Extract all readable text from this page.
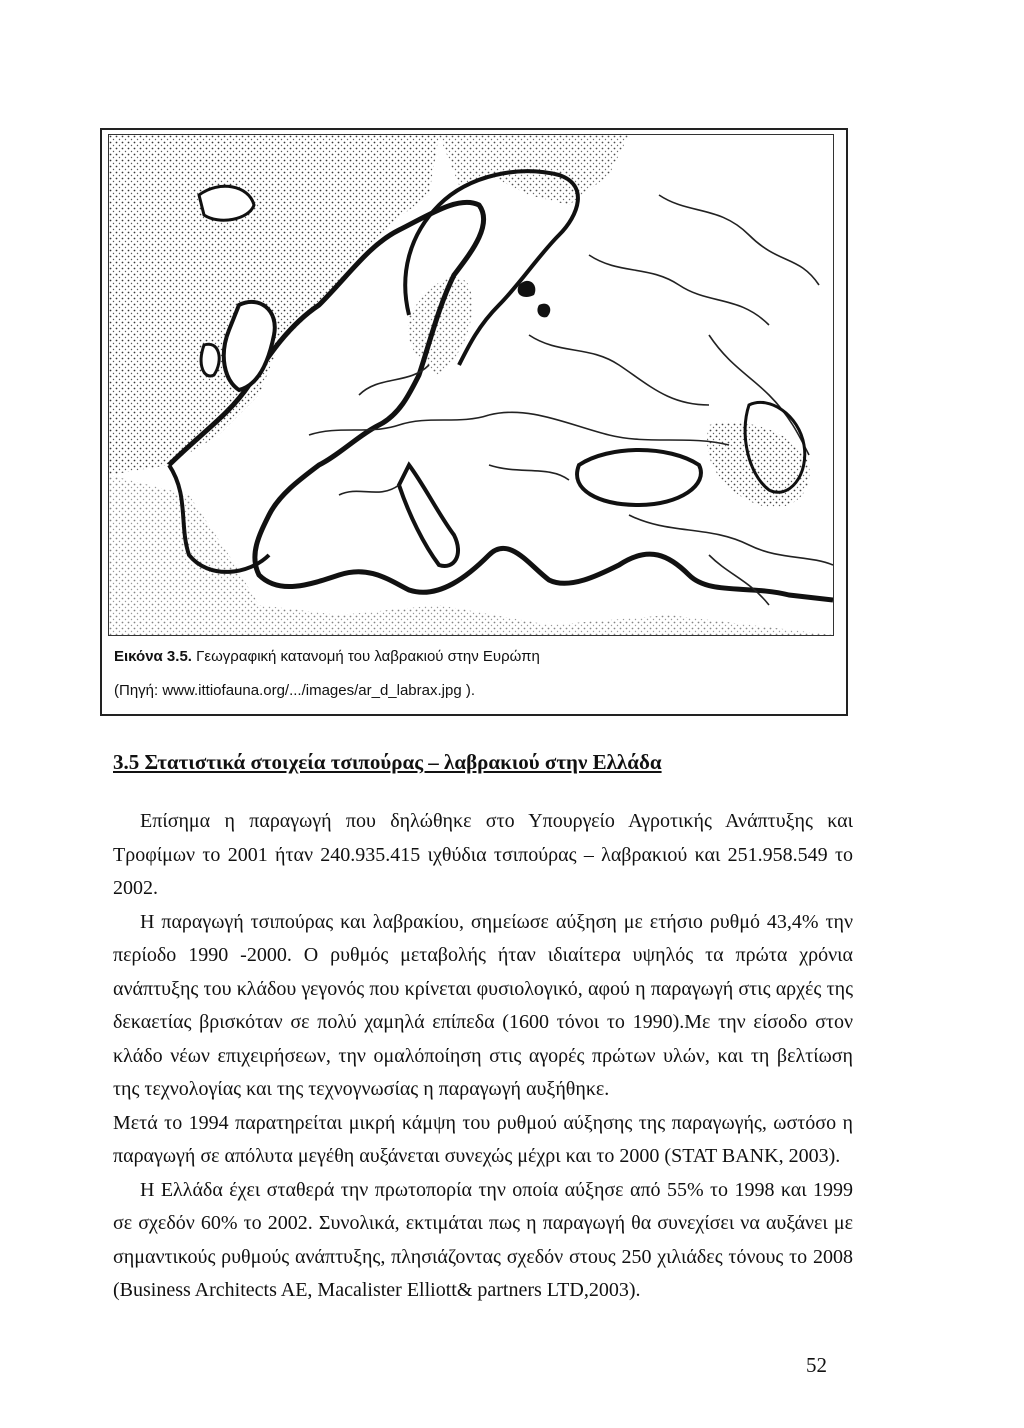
Εικόνα 3.5. Γεωγραφική κατανομή του λαβρακιού στην Ευρώπη
(Πηγή: www.ittiofauna.org/.../images/ar_d_labrax.jpg ).
3.5 Στατιστικά στοιχεία τσιπούρας – λαβρακιού στην Ελλάδα

Επίσημα η παραγωγή που δηλώθηκε στο Υπουργείο Αγροτικής Ανάπτυξης και Τροφίμων το 2001 ήταν 240.935.415 ιχθύδια τσιπούρας – λαβρακιού και 251.958.549 το 2002.

Η παραγωγή τσιπούρας και λαβρακίου, σημείωσε αύξηση με ετήσιο ρυθμό 43,4% την περίοδο 1990 -2000. Ο ρυθμός μεταβολής ήταν ιδιαίτερα υψηλός τα πρώτα χρόνια ανάπτυξης του κλάδου γεγονός που κρίνεται φυσιολογικό, αφού η παραγωγή στις αρχές της δεκαετίας βρισκόταν σε πολύ χαμηλά επίπεδα (1600 τόνοι το 1990).Με την είσοδο στον κλάδο νέων επιχειρήσεων, την ομαλόποίηση στις αγορές πρώτων υλών, και τη βελτίωση της τεχνολογίας και της τεχνογνωσίας η παραγωγή αυξήθηκε.

Μετά το 1994 παρατηρείται μικρή κάμψη του ρυθμού αύξησης της παραγωγής, ωστόσο η παραγωγή σε απόλυτα μεγέθη αυξάνεται συνεχώς μέχρι και το 2000 (STAT BANK, 2003).

Η Ελλάδα έχει σταθερά την πρωτοπορία την οποία αύξησε από 55% το 1998 και 1999 σε σχεδόν 60% το 2002. Συνολικά, εκτιμάται πως η παραγωγή θα συνεχίσει να αυξάνει με σημαντικούς ρυθμούς ανάπτυξης, πλησιάζοντας σχεδόν στους 250 χιλιάδες τόνους το 2008 (Business Architects AE, Macalister Elliott& partners LTD,2003).

52
